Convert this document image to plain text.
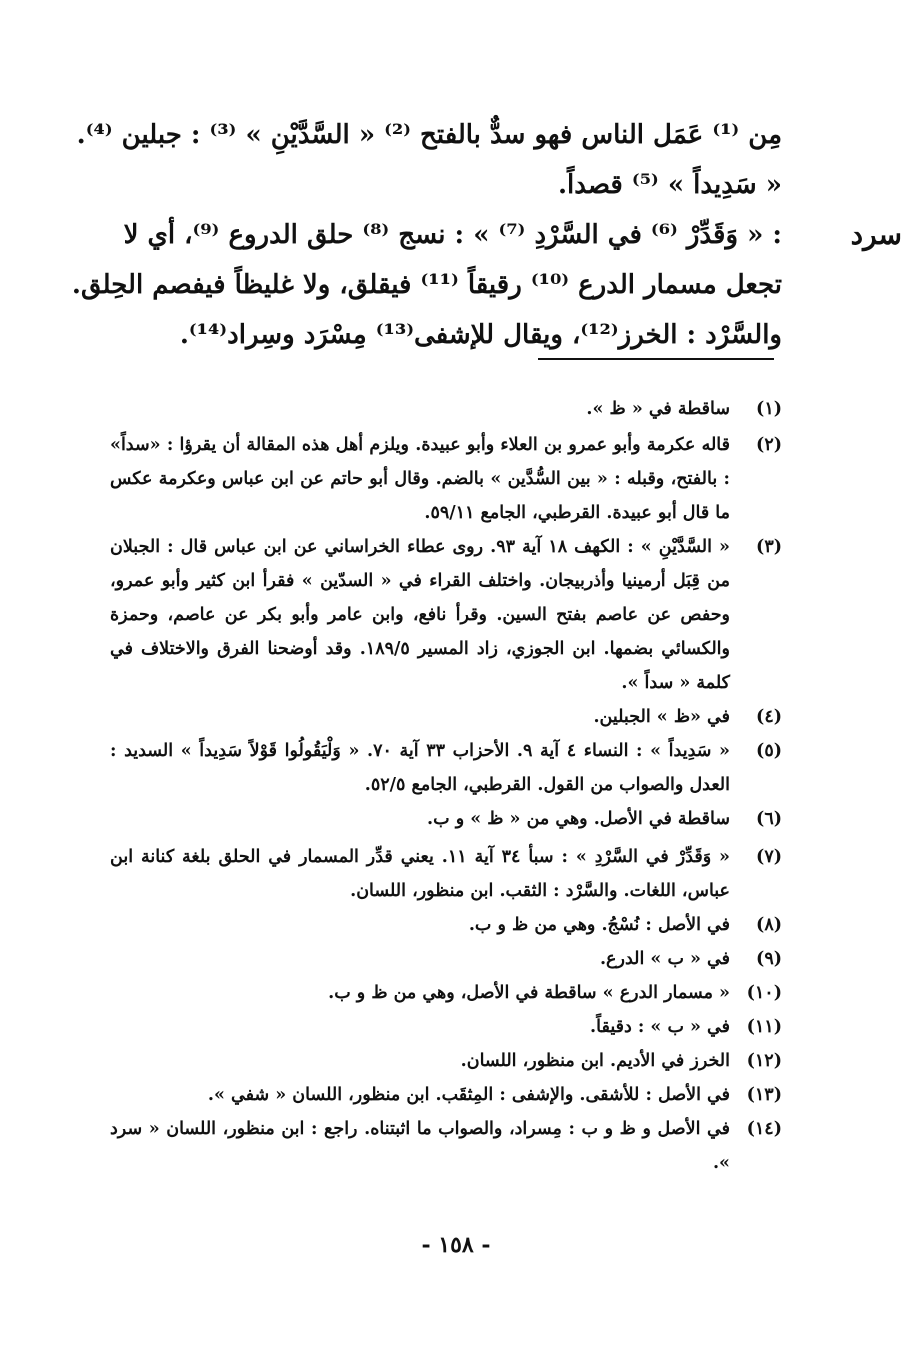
مِن ⁽¹⁾ عَمَل الناس فهو سدٌّ بالفتح ⁽²⁾ « السَّدَّيْنِ » ⁽³⁾ : جبلين ⁽⁴⁾.
« سَدِيداً » ⁽⁵⁾ قصداً.
سرد
: « وَقَدِّرْ ⁽⁶⁾ في السَّرْدِ ⁽⁷⁾ » : نسج ⁽⁸⁾ حلق الدروع ⁽⁹⁾، أي لا
تجعل مسمار الدرع ⁽¹⁰⁾ رقيقاً ⁽¹¹⁾ فيقلق، ولا غليظاً فيفصم الحِلق.
والسَّرْد : الخرز⁽¹²⁾، ويقال للإشفى⁽¹³⁾ مِسْرَد وسِراد⁽¹⁴⁾.
(١)
ساقطة في « ظ ».
(٢)
قاله عكرمة وأبو عمرو بن العلاء وأبو عبيدة. ويلزم أهل هذه المقالة أن يقرؤا : «سداً» : بالفتح، وقبله : « بين السُّدَّين » بالضم. وقال أبو حاتم عن ابن عباس وعكرمة عكس ما قال أبو عبيدة. القرطبي، الجامع ٥٩/١١.
(٣)
« السَّدَّيْنِ » : الكهف ١٨ آية ٩٣. روى عطاء الخراساني عن ابن عباس قال : الجبلان من قِبَل أرمينيا وأذربيجان. واختلف القراء في « السدّين » فقرأ ابن كثير وأبو عمرو، وحفص عن عاصم بفتح السين. وقرأ نافع، وابن عامر وأبو بكر عن عاصم، وحمزة والكسائي بضمها. ابن الجوزي، زاد المسير ١٨٩/٥. وقد أوضحنا الفرق والاختلاف في كلمة « سداً ».
(٤)
في «ظ » الجبلين.
(٥)
« سَدِيداً » : النساء ٤ آية ٩. الأحزاب ٣٣ آية ٧٠. « وَلْيَقُولُوا قَوْلاً سَدِيداً » السديد : العدل والصواب من القول. القرطبي، الجامع ٥٢/٥.
(٦)
ساقطة في الأصل. وهي من « ظ » و ب.
(٧)
« وَقَدِّرْ في السَّرْدِ » : سبأ ٣٤ آية ١١. يعني قدِّر المسمار في الحلق بلغة كنانة ابن عباس، اللغات. والسَّرْد : الثقب. ابن منظور، اللسان.
(٨)
في الأصل : نُسْجُ. وهي من ظ و ب.
(٩)
في « ب » الدرع.
(١٠)
« مسمار الدرع » ساقطة في الأصل، وهي من ظ و ب.
(١١)
في « ب » : دقيقاً.
(١٢)
الخرز في الأديم. ابن منظور، اللسان.
(١٣)
في الأصل : للأشقى. والإشفى : المِثقَب. ابن منظور، اللسان « شفي ».
(١٤)
في الأصل و ظ و ب : مِسراد، والصواب ما اثبتناه. راجع : ابن منظور، اللسان « سرد ».
- ١٥٨ -
